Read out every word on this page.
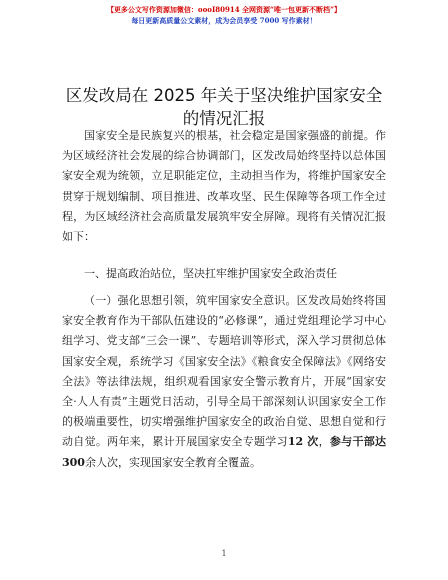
【更多公文写作资源加微信：oooI80914 全网资源“唯一包更新不断档”】
每日更新高质量公文素材，成为会员享受 7000 写作素材！
区发改局在 2025 年关于坚决维护国家安全的情况汇报

国家安全是民族复兴的根基，社会稳定是国家强盛的前提。作为区域经济社会发展的综合协调部门，区发改局始终坚持以总体国家安全观为统领，立足职能定位，主动担当作为，将维护国家安全贯穿于规划编制、项目推进、改革攻坚、民生保障等各项工作全过程，为区域经济社会高质量发展筑牢安全屏障。现将有关情况汇报如下：

一、提高政治站位，坚决扛牢维护国家安全政治责任

（一）强化思想引领，筑牢国家安全意识。区发改局始终将国家安全教育作为干部队伍建设的“必修课”，通过党组理论学习中心组学习、党支部“三会一课”、专题培训等形式，深入学习贯彻总体国家安全观，系统学习《国家安全法》《粮食安全保障法》《网络安全法》等法律法规，组织观看国家安全警示教育片，开展“国家安全·人人有责”主题党日活动，引导全局干部深刻认识国家安全工作的极端重要性，切实增强维护国家安全的政治自觉、思想自觉和行动自觉。两年来，累计开展国家安全专题学习12 次，参与干部达 300余人次，实现国家安全教育全覆盖。

1
